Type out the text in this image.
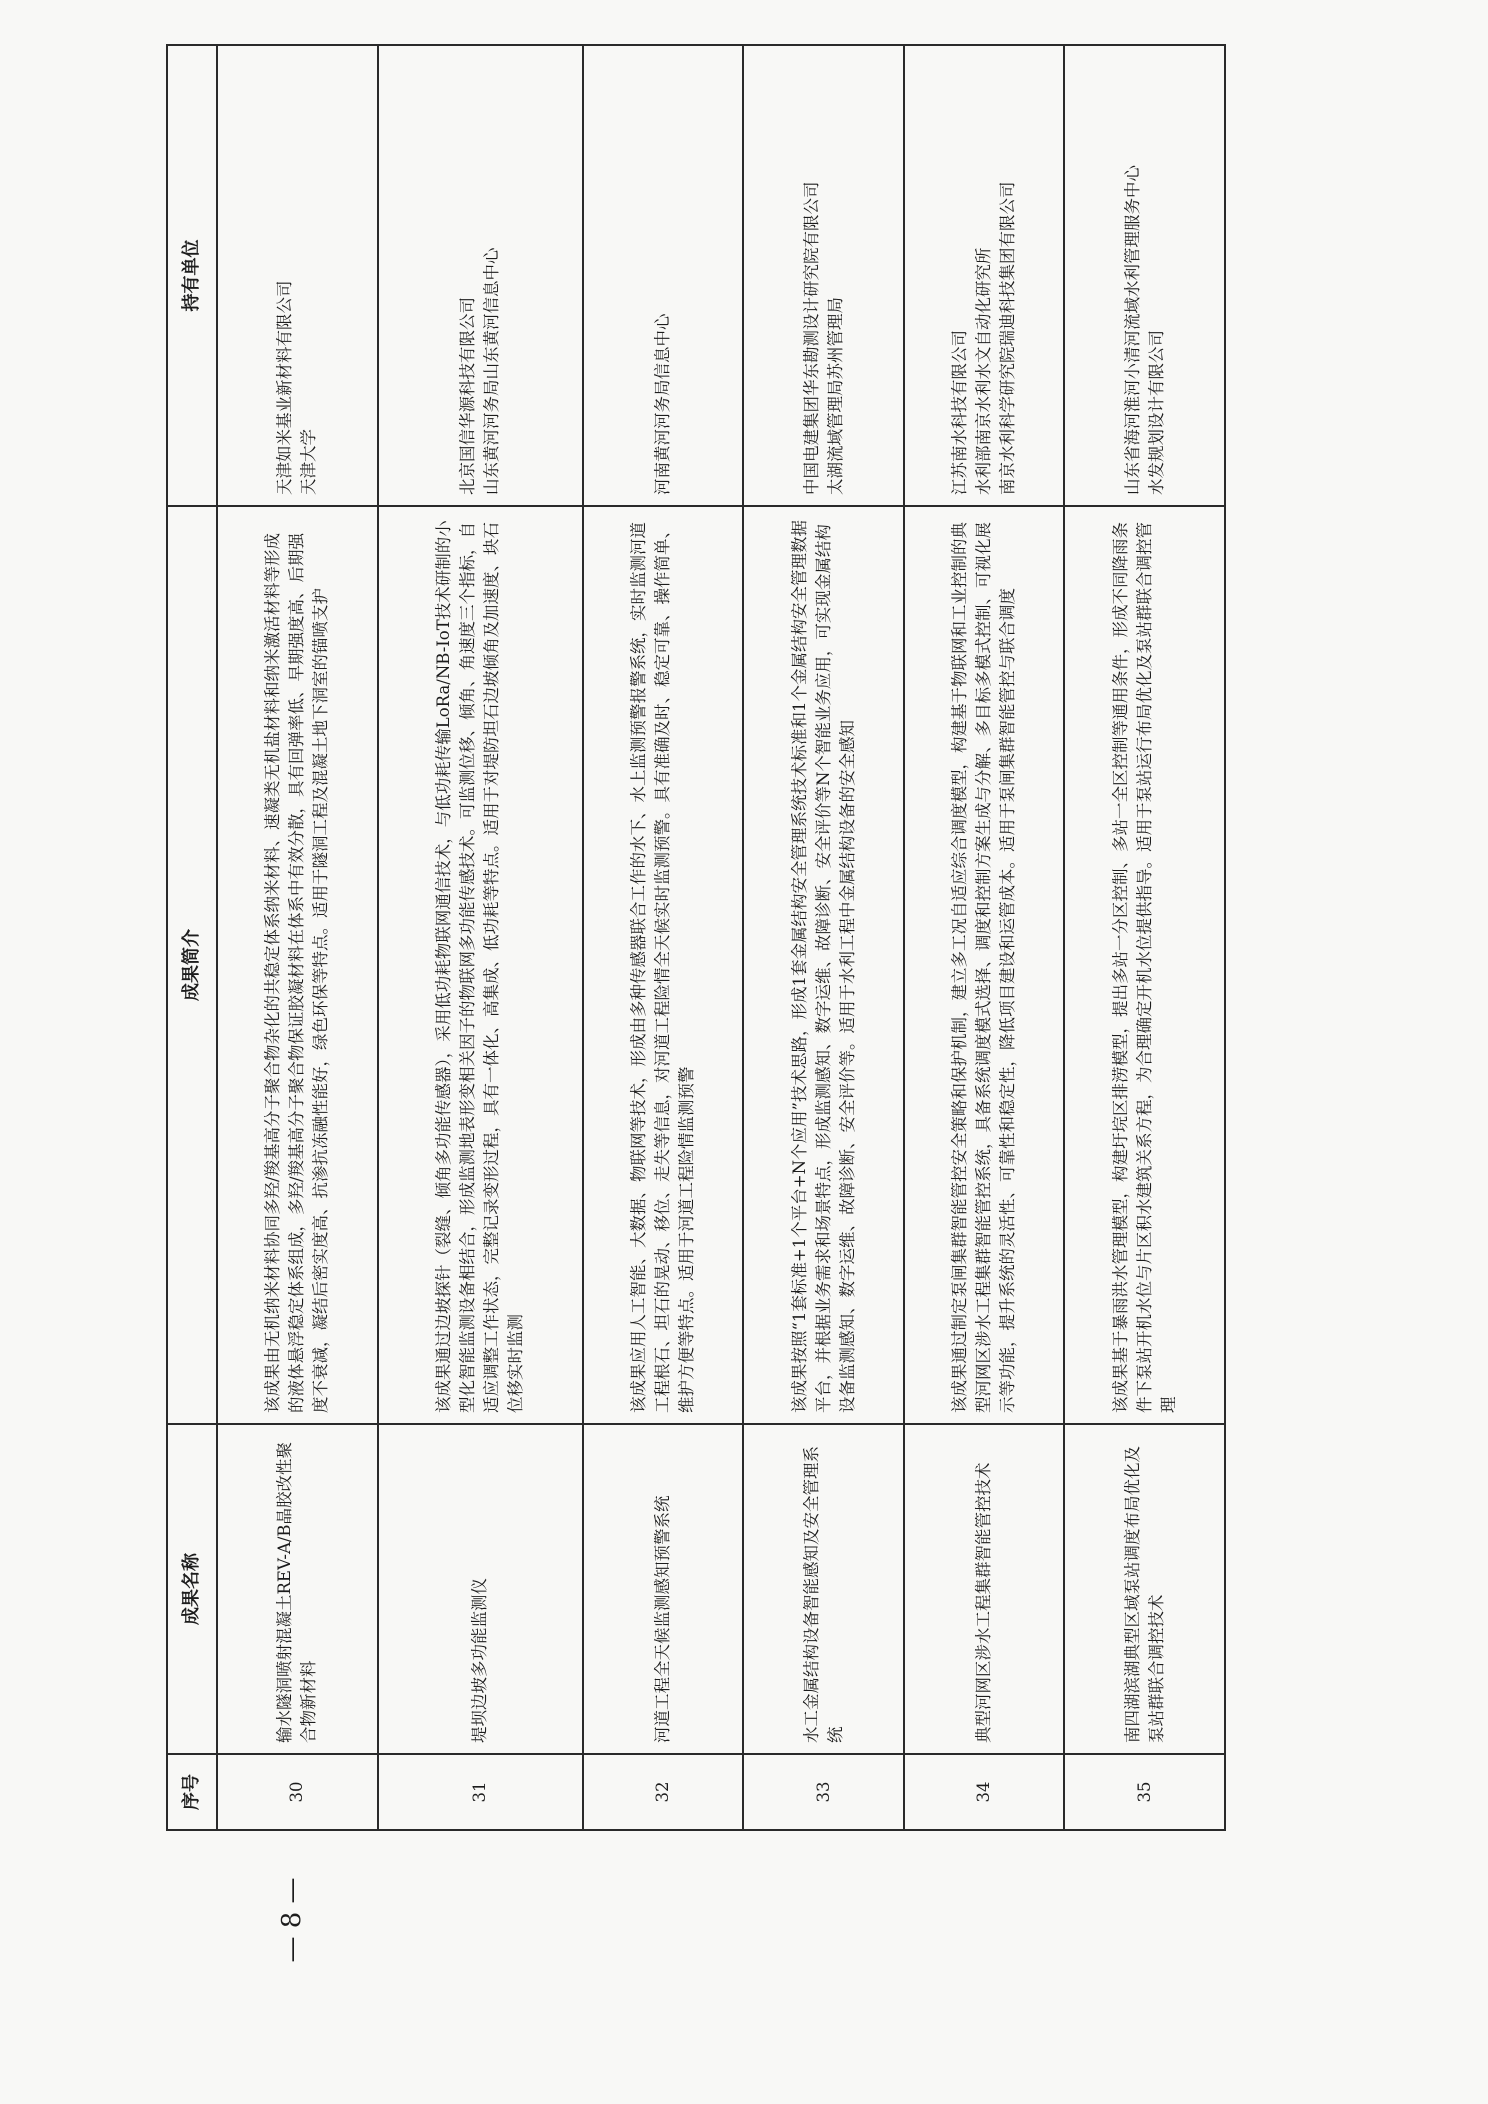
序号	成果名称	成果简介	持有单位
30	输水隧洞喷射混凝土REV-A/B晶胶改性聚合物新材料	该成果由无机纳米材料协同多羟/羧基高分子聚合物杂化的共稳定体系纳米材料、速凝类无机盐材料和纳米激活材料等形成的液体悬浮稳定体系组成，多羟/羧基高分子聚合物保证胶凝材料在体系中有效分散，具有回弹率低、早期强度高、后期强度不衰减，凝结后密实度高、抗渗抗冻融性能好，绿色环保等特点。适用于隧洞工程及混凝土地下洞室的锚喷支护	天津如米基业新材料有限公司 天津大学

31	堤坝边坡多功能监测仪	该成果通过边坡探针（裂缝、倾角多功能传感器），采用低功耗物联网通信技术，与低功耗传输LoRa/NB-IoT技术研制的小型化智能监测设备相结合，形成监测地表形变相关因子的物联网多功能传感技术。可监测位移、倾角、角速度三个指标，自适应调整工作状态，完整记录变形过程，具有一体化、高集成、低功耗等特点。适用于对堤防坦石边坡倾角及加速度、块石位移实时监测	北京国信华源科技有限公司 山东黄河河务局山东黄河信息中心

32	河道工程全天候监测感知预警系统	该成果应用人工智能、大数据、物联网等技术，形成由多种传感器联合工作的水下、水上监测预警报警系统，实时监测河道工程根石、坦石的晃动、移位、走失等信息，对河道工程险情全天候实时监测预警。具有准确及时、稳定可靠、操作简单、维护方便等特点。适用于河道工程险情监测预警	河南黄河河务局信息中心

33	水工金属结构设备智能感知及安全管理系统	该成果按照“1套标准+1个平台+N个应用”技术思路，形成1套金属结构安全管理系统技术标准和1个金属结构安全管理数据平台，并根据业务需求和场景特点，形成监测感知、数字运维、故障诊断、安全评价等N个智能业务应用，可实现金属结构设备监测感知、数字运维、故障诊断、安全评价等。适用于水利工程中金属结构设备的安全感知	中国电建集团华东勘测设计研究院有限公司 太湖流域管理局苏州管理局

34	典型河网区涉水工程集群智能管控技术	该成果通过制定泵闸集群智能管控安全策略和保护机制，建立多工况自适应综合调度模型，构建基于物联网和工业控制的典型河网区涉水工程集群智能管控系统，具备系统调度模式选择、调度和控制方案生成与分解、多目标多模式控制、可视化展示等功能，提升系统的灵活性、可靠性和稳定性，降低项目建设和运管成本。适用于泵闸集群智能管控与联合调度	江苏南水科技有限公司 水利部南京水利水文自动化研究所 南京水利科学研究院瑞迪科技集团有限公司

35	南四湖滨湖典型区域泵站调度布局优化及泵站群联合调控技术	该成果基于暴雨洪水管理模型，构建圩垸区排涝模型，提出多站一分区控制、多站一全区控制等通用条件，形成不同降雨条件下泵站开机水位与片区积水建筑关系方程，为合理确定开机水位提供指导。适用于泵站运行布局优化及泵站群联合调控管理	山东省海河淮河小清河流域水利管理服务中心 水发规划设计有限公司
— 8 —
